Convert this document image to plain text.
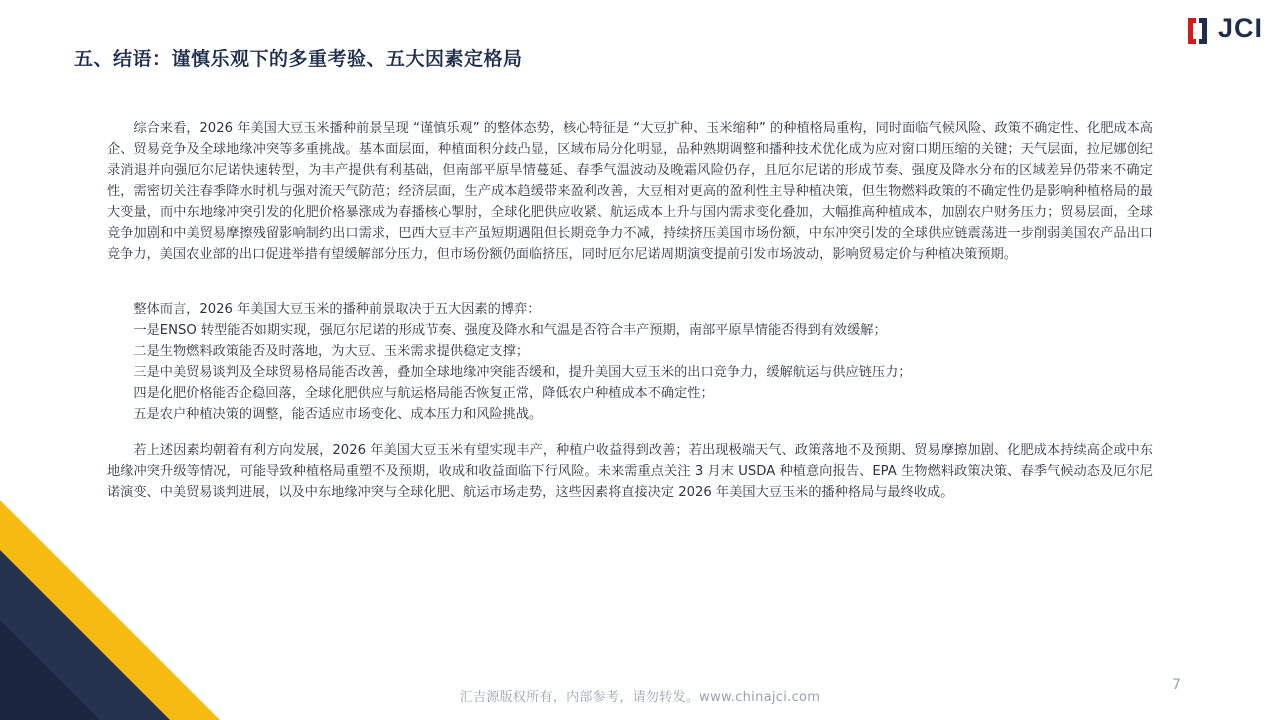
五、结语：谨慎乐观下的多重考验、五大因素定格局
JCI

综合来看，2026 年美国大豆玉米播种前景呈现 “谨慎乐观” 的整体态势，核心特征是 “大豆扩种、玉米缩种” 的种植格局重构，同时面临气候风险、政策不确定性、化肥成本高企、贸易竞争及全球地缘冲突等多重挑战。基本面层面，种植面积分歧凸显，区域布局分化明显，品种熟期调整和播种技术优化成为应对窗口期压缩的关键；天气层面，拉尼娜创纪录消退并向强厄尔尼诺快速转型，为丰产提供有利基础，但南部平原旱情蔓延、春季气温波动及晚霜风险仍存，且厄尔尼诺的形成节奏、强度及降水分布的区域差异仍带来不确定性，需密切关注春季降水时机与强对流天气防范；经济层面，生产成本趋缓带来盈利改善，大豆相对更高的盈利性主导种植决策，但生物燃料政策的不确定性仍是影响种植格局的最大变量，而中东地缘冲突引发的化肥价格暴涨成为春播核心掣肘，全球化肥供应收紧、航运成本上升与国内需求变化叠加，大幅推高种植成本，加剧农户财务压力；贸易层面，全球竞争加剧和中美贸易摩擦残留影响制约出口需求，巴西大豆丰产虽短期遇阻但长期竞争力不减，持续挤压美国市场份额，中东冲突引发的全球供应链震荡进一步削弱美国农产品出口竞争力，美国农业部的出口促进举措有望缓解部分压力，但市场份额仍面临挤压，同时厄尔尼诺周期演变提前引发市场波动，影响贸易定价与种植决策预期。

整体而言，2026 年美国大豆玉米的播种前景取决于五大因素的博弈：

一是ENSO 转型能否如期实现，强厄尔尼诺的形成节奏、强度及降水和气温是否符合丰产预期，南部平原旱情能否得到有效缓解；

二是生物燃料政策能否及时落地，为大豆、玉米需求提供稳定支撑；

三是中美贸易谈判及全球贸易格局能否改善，叠加全球地缘冲突能否缓和，提升美国大豆玉米的出口竞争力，缓解航运与供应链压力；

四是化肥价格能否企稳回落，全球化肥供应与航运格局能否恢复正常，降低农户种植成本不确定性；

五是农户种植决策的调整，能否适应市场变化、成本压力和风险挑战。

若上述因素均朝着有利方向发展，2026 年美国大豆玉米有望实现丰产，种植户收益得到改善；若出现极端天气、政策落地不及预期、贸易摩擦加剧、化肥成本持续高企或中东地缘冲突升级等情况，可能导致种植格局重塑不及预期，收成和收益面临下行风险。未来需重点关注 3 月末 USDA 种植意向报告、EPA 生物燃料政策决策、春季气候动态及厄尔尼诺演变、中美贸易谈判进展，以及中东地缘冲突与全球化肥、航运市场走势，这些因素将直接决定 2026 年美国大豆玉米的播种格局与最终收成。

汇吉源版权所有，内部参考，请勿转发。www.chinajci.com
7
